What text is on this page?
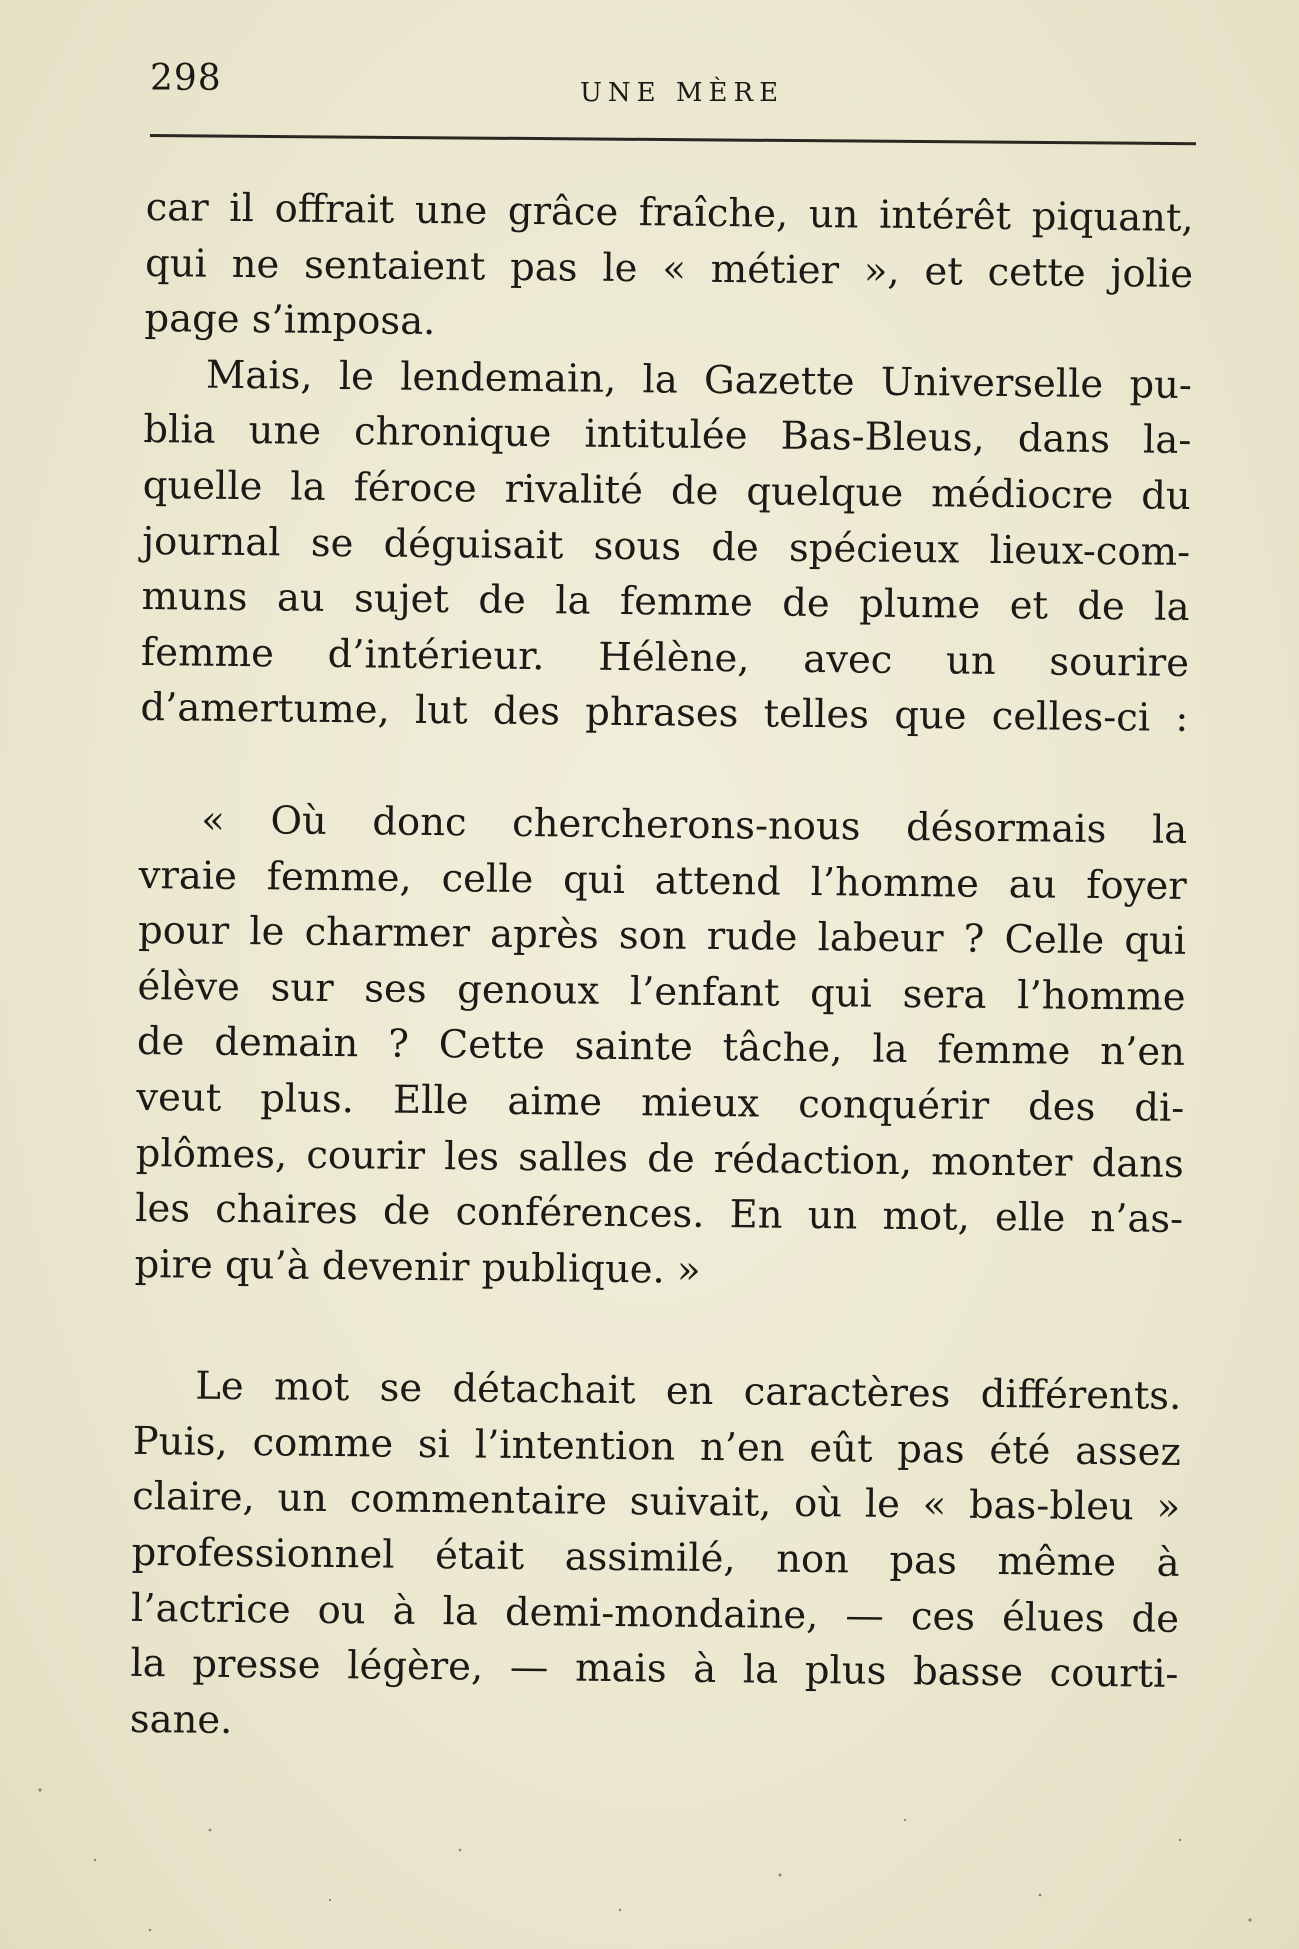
298	UNE MÈRE

car il offrait une grâce fraîche, un intérêt piquant,
qui ne sentaient pas le « métier », et cette jolie
page s’imposa.

Mais, le lendemain, la Gazette Universelle pu-
blia une chronique intitulée Bas-Bleus, dans la-
quelle la féroce rivalité de quelque médiocre du
journal se déguisait sous de spécieux lieux-com-
muns au sujet de la femme de plume et de la
femme d’intérieur. Hélène, avec un sourire
d’amertume, lut des phrases telles que celles-ci :

« Où donc chercherons-nous désormais la
vraie femme, celle qui attend l’homme au foyer
pour le charmer après son rude labeur ? Celle qui
élève sur ses genoux l’enfant qui sera l’homme
de demain ? Cette sainte tâche, la femme n’en
veut plus. Elle aime mieux conquérir des di-
plômes, courir les salles de rédaction, monter dans
les chaires de conférences. En un mot, elle n’as-
pire qu’à devenir publique. »

Le mot se détachait en caractères différents.
Puis, comme si l’intention n’en eût pas été assez
claire, un commentaire suivait, où le « bas-bleu »
professionnel était assimilé, non pas même à
l’actrice ou à la demi-mondaine, — ces élues de
la presse légère, — mais à la plus basse courti-
sane.
